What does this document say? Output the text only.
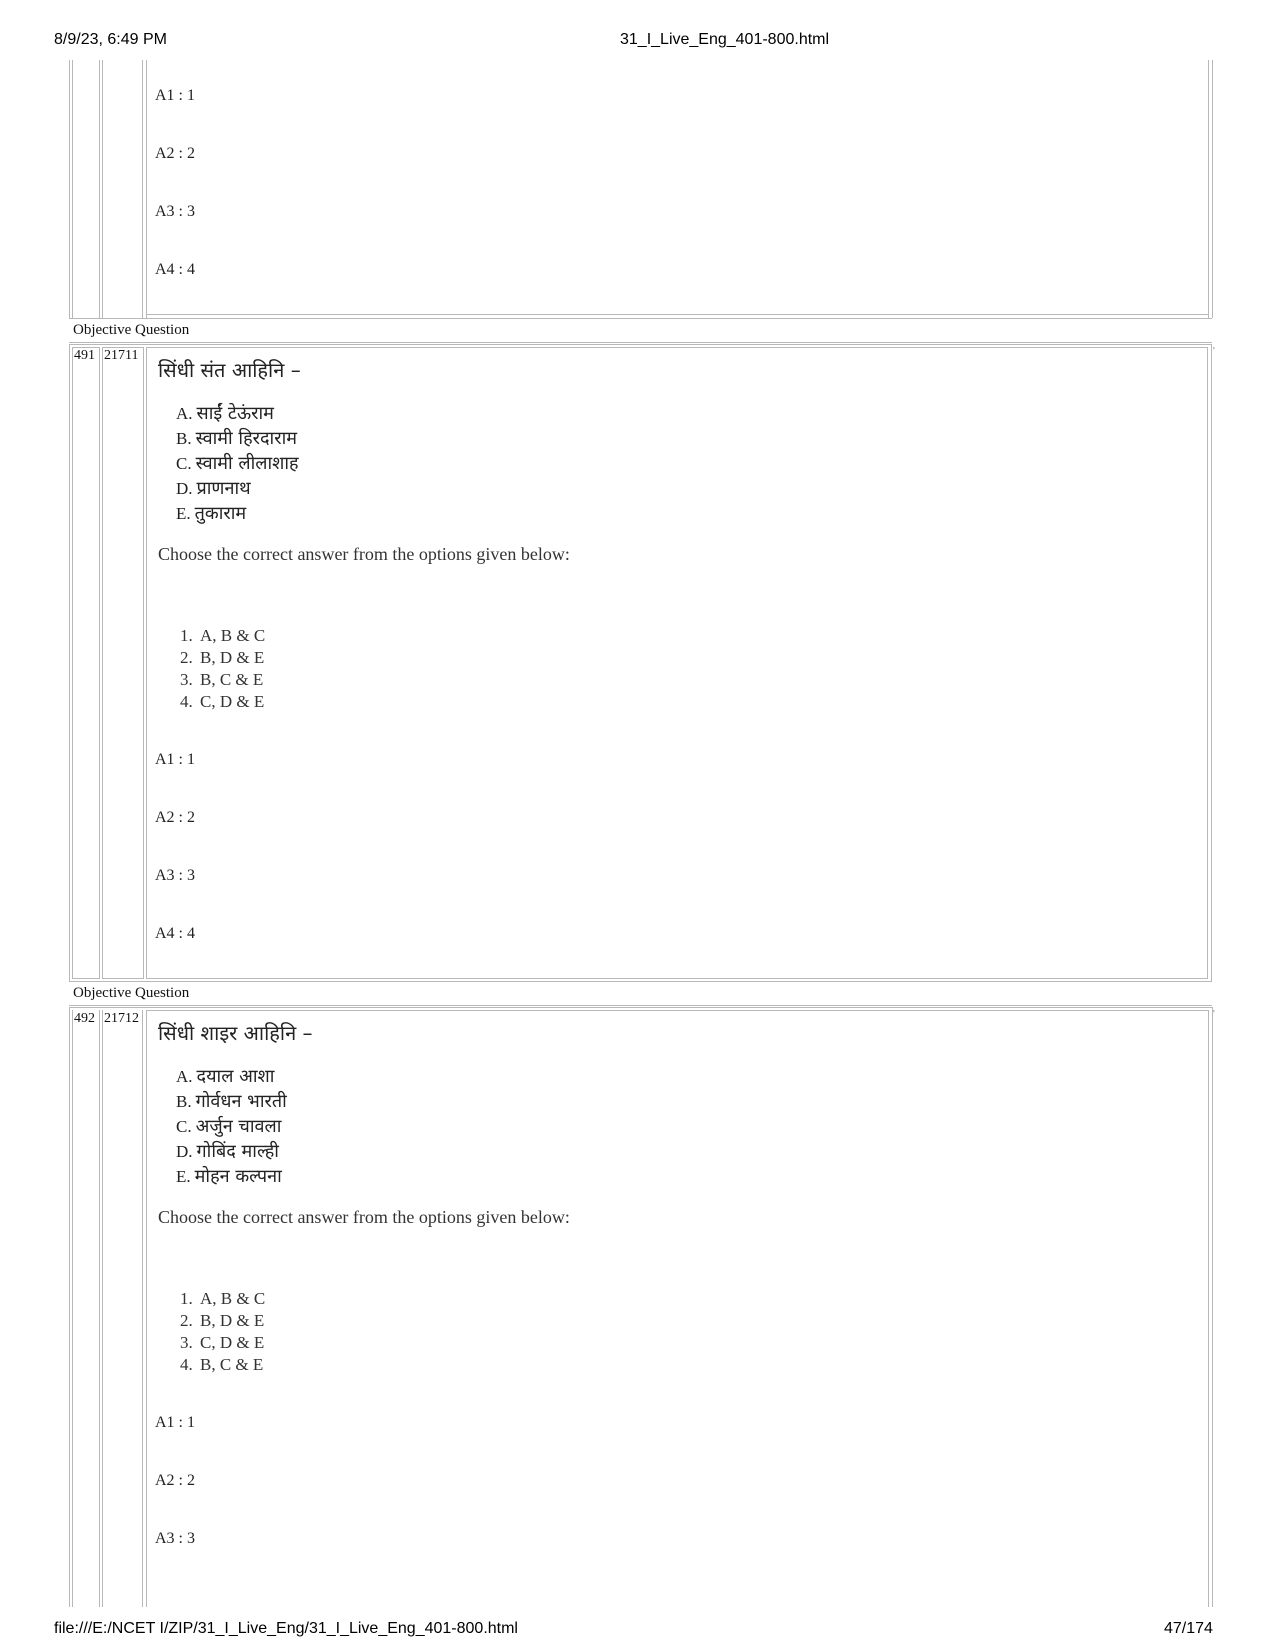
8/9/23, 6:49 PM	31_I_Live_Eng_401-800.html
file:///E:/NCET I/ZIP/31_I_Live_Eng/31_I_Live_Eng_401-800.html	47/174
A1 : 1
A2 : 2
A3 : 3
A4 : 4
Objective Question
491 21711	'
सिंधी संत आहिनि –
A. साईं टेऊंराम
B. स्वामी हिरदाराम
C. स्वामी लीलाशाह
D. प्राणनाथ
E. तुकाराम
Choose the correct answer from the options given below:
1. A, B & C
2. B, D & E
3. B, C & E
4. C, D & E
A1 : 1
A2 : 2
A3 : 3
A4 : 4
Objective Question
492 21712	'
सिंधी शाइर आहिनि –
A. दयाल आशा
B. गोर्वधन भारती
C. अर्जुन चावला
D. गोबिंद माल्ही
E. मोहन कल्पना
Choose the correct answer from the options given below:
1. A, B & C
2. B, D & E
3. C, D & E
4. B, C & E
A1 : 1
A2 : 2
A3 : 3
